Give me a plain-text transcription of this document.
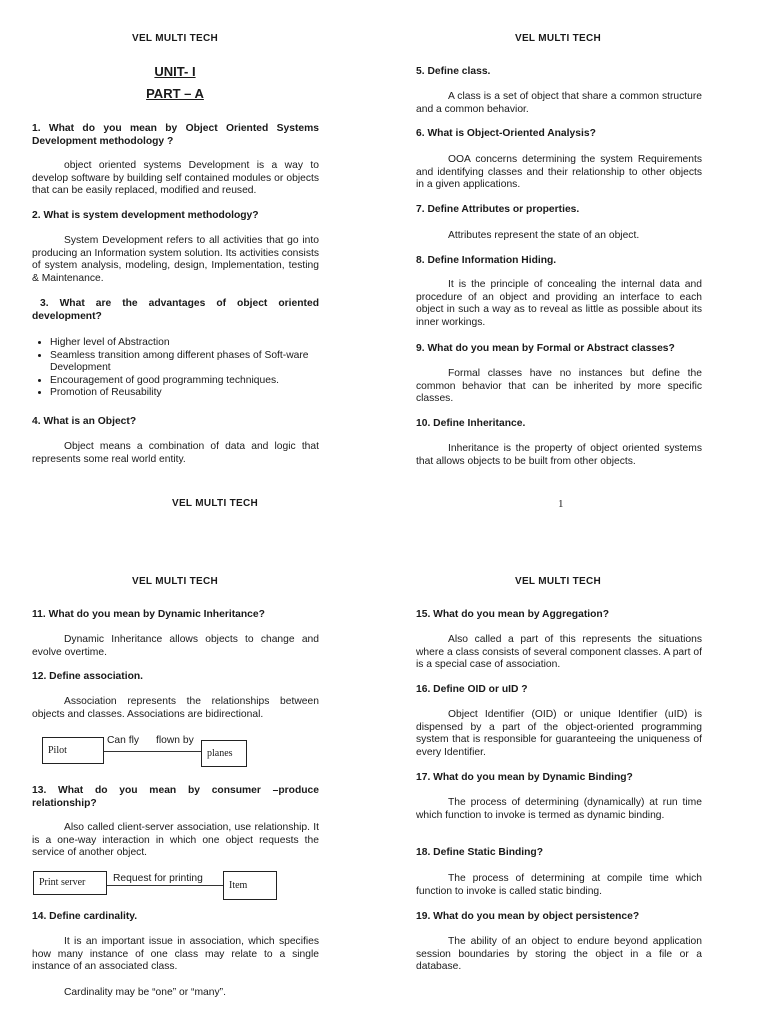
VEL MULTI TECH	VEL MULTI TECH
UNIT- I
PART – A

1. What do you mean by Object Oriented Systems Development methodology ?

object oriented systems Development is a way to develop software by building self contained modules or objects that can be easily replaced, modified and reused.

2. What is system development methodology?

System Development refers to all activities that go into producing an Information system solution. Its activities consists of system analysis, modeling, design, Implementation, testing & Maintenance.

3. What are the advantages of object oriented development?

• Higher level of Abstraction
• Seamless transition among different phases of Soft-ware Development
• Encouragement of good programming techniques.
• Promotion of Reusability

4. What is an Object?

Object means a combination of data and logic that represents some real world entity.

5. Define class.

A class is a set of object that share a common structure and a common behavior.

6. What is Object-Oriented Analysis?

OOA concerns determining the system Requirements and identifying classes and their relationship to other objects in a given applications.

7. Define Attributes or properties.

Attributes represent the state of an object.

8. Define Information Hiding.

It is the principle of concealing the internal data and procedure of an object and providing an interface to each object in such a way as to reveal as little as possible about its inner workings.

9. What do you mean by Formal or Abstract classes?

Formal classes have no instances but define the common behavior that can be inherited by more specific classes.

10. Define Inheritance.

Inheritance is the property of object oriented systems that allows objects to be built from other objects.

VEL MULTI TECH	1
VEL MULTI TECH	VEL MULTI TECH

11. What do you mean by Dynamic Inheritance?

Dynamic Inheritance allows objects to change and evolve overtime.

12. Define association.

Association represents the relationships between objects and classes. Associations are bidirectional.

Pilot
Can fly flown by
planes

13. What do you mean by consumer –produce relationship?

Also called client-server association, use relationship. It is a one-way interaction in which one object requests the service of another object.

Print server	Request for printing
Item

14. Define cardinality.

It is an important issue in association, which specifies how many instance of one class may relate to a single instance of an associated class.

Cardinality may be “one” or “many”.

15. What do you mean by Aggregation?

Also called a part of this represents the situations where a class consists of several component classes. A part of is a special case of association.

16. Define OID or uID ?

Object Identifier (OID) or unique Identifier (uID) is dispensed by a part of the object-oriented programming system that is responsible for guaranteeing the uniqueness of every Identifier.

17. What do you mean by Dynamic Binding?

The process of determining (dynamically) at run time which function to invoke is termed as dynamic binding.

18. Define Static Binding?

The process of determining at compile time which function to invoke is called static binding.

19. What do you mean by object persistence?

The ability of an object to endure beyond application session boundaries by storing the object in a file or a database.
